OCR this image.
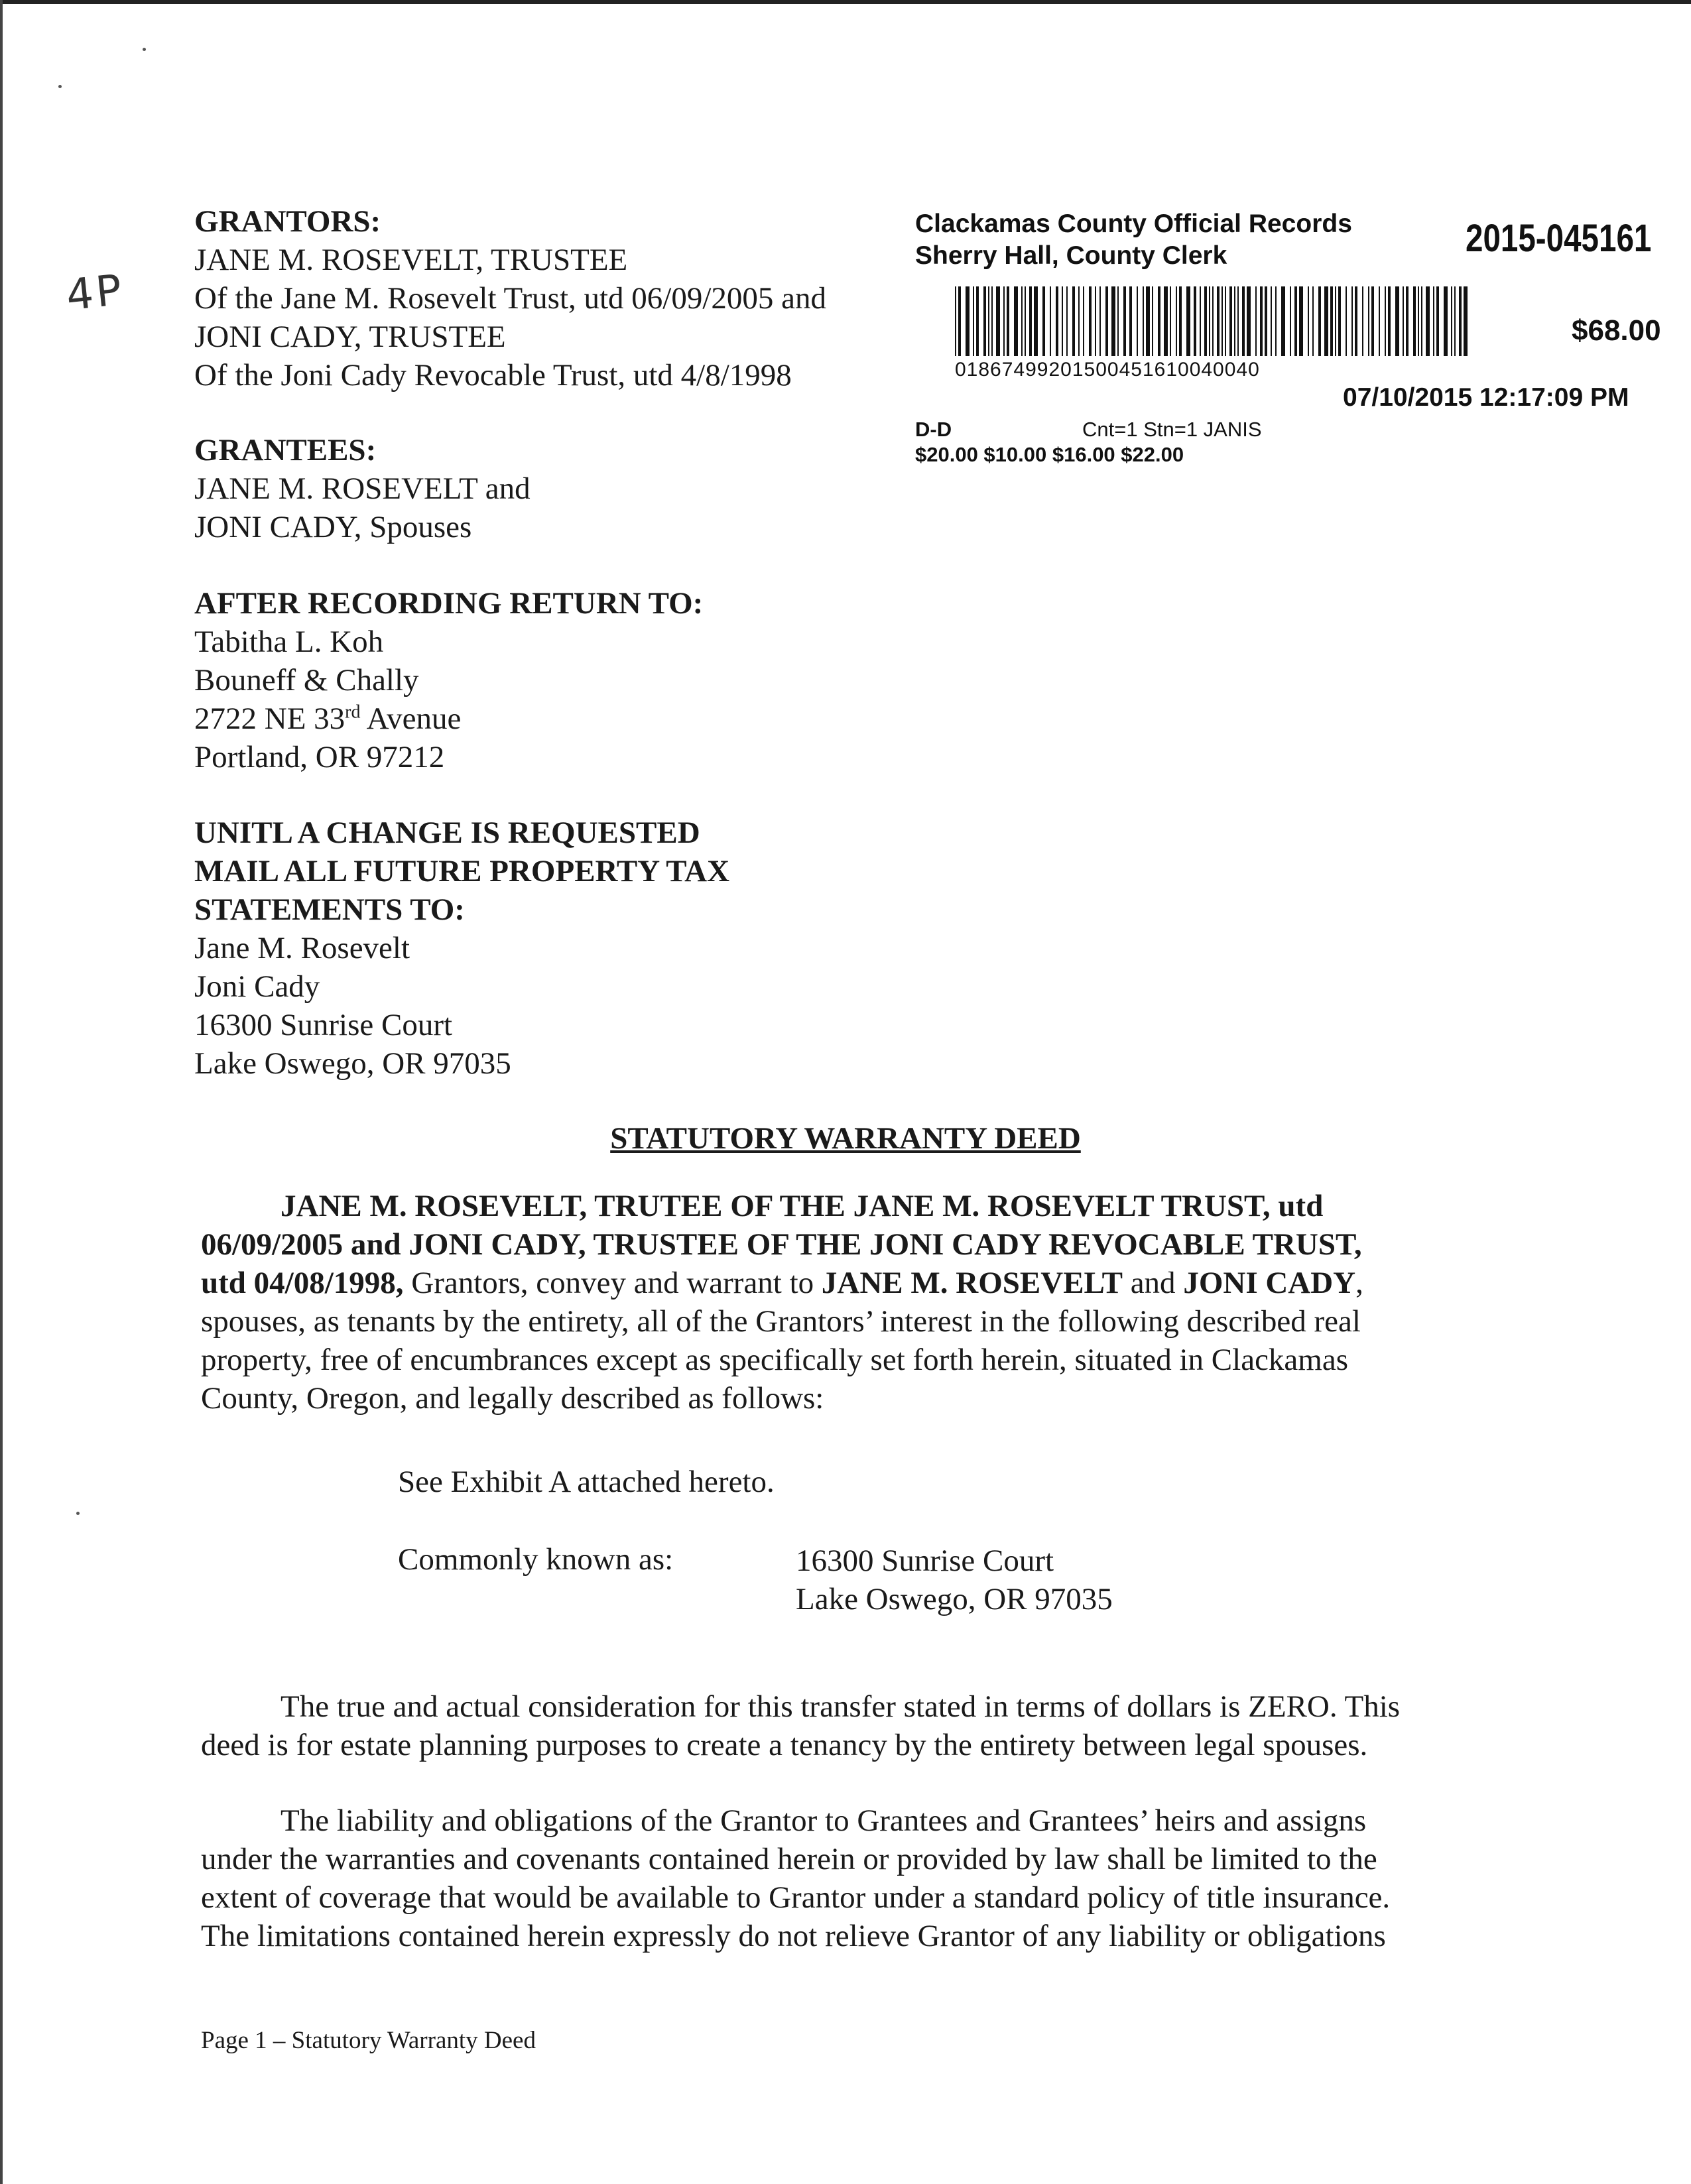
4P
GRANTORS:
JANE M. ROSEVELT, TRUSTEE
Of the Jane M. Rosevelt Trust, utd 06/09/2005 and
JONI CADY, TRUSTEE
Of the Joni Cady Revocable Trust, utd 4/8/1998
GRANTEES:
JANE M. ROSEVELT and
JONI CADY, Spouses
AFTER RECORDING RETURN TO:
Tabitha L. Koh
Bouneff & Chally
2722 NE 33rd Avenue
Portland, OR 97212
UNITL A CHANGE IS REQUESTED
MAIL ALL FUTURE PROPERTY TAX
STATEMENTS TO:
Jane M. Rosevelt
Joni Cady
16300 Sunrise Court
Lake Oswego, OR 97035
Clackamas County Official Records
Sherry Hall, County Clerk	2015-045161
$68.00
01867499201500451610040040
07/10/2015 12:17:09 PM
D-D	Cnt=1 Stn=1 JANIS
$20.00 $10.00 $16.00 $22.00
STATUTORY WARRANTY DEED
JANE M. ROSEVELT, TRUTEE OF THE JANE M. ROSEVELT TRUST, utd
06/09/2005 and JONI CADY, TRUSTEE OF THE JONI CADY REVOCABLE TRUST,
utd 04/08/1998, Grantors, convey and warrant to JANE M. ROSEVELT and JONI CADY,
spouses, as tenants by the entirety, all of the Grantors’ interest in the following described real
property, free of encumbrances except as specifically set forth herein, situated in Clackamas
County, Oregon, and legally described as follows:
See Exhibit A attached hereto.
Commonly known as:	16300 Sunrise Court
Lake Oswego, OR 97035
The true and actual consideration for this transfer stated in terms of dollars is ZERO. This
deed is for estate planning purposes to create a tenancy by the entirety between legal spouses.
The liability and obligations of the Grantor to Grantees and Grantees’ heirs and assigns
under the warranties and covenants contained herein or provided by law shall be limited to the
extent of coverage that would be available to Grantor under a standard policy of title insurance.
The limitations contained herein expressly do not relieve Grantor of any liability or obligations
Page 1 – Statutory Warranty Deed
